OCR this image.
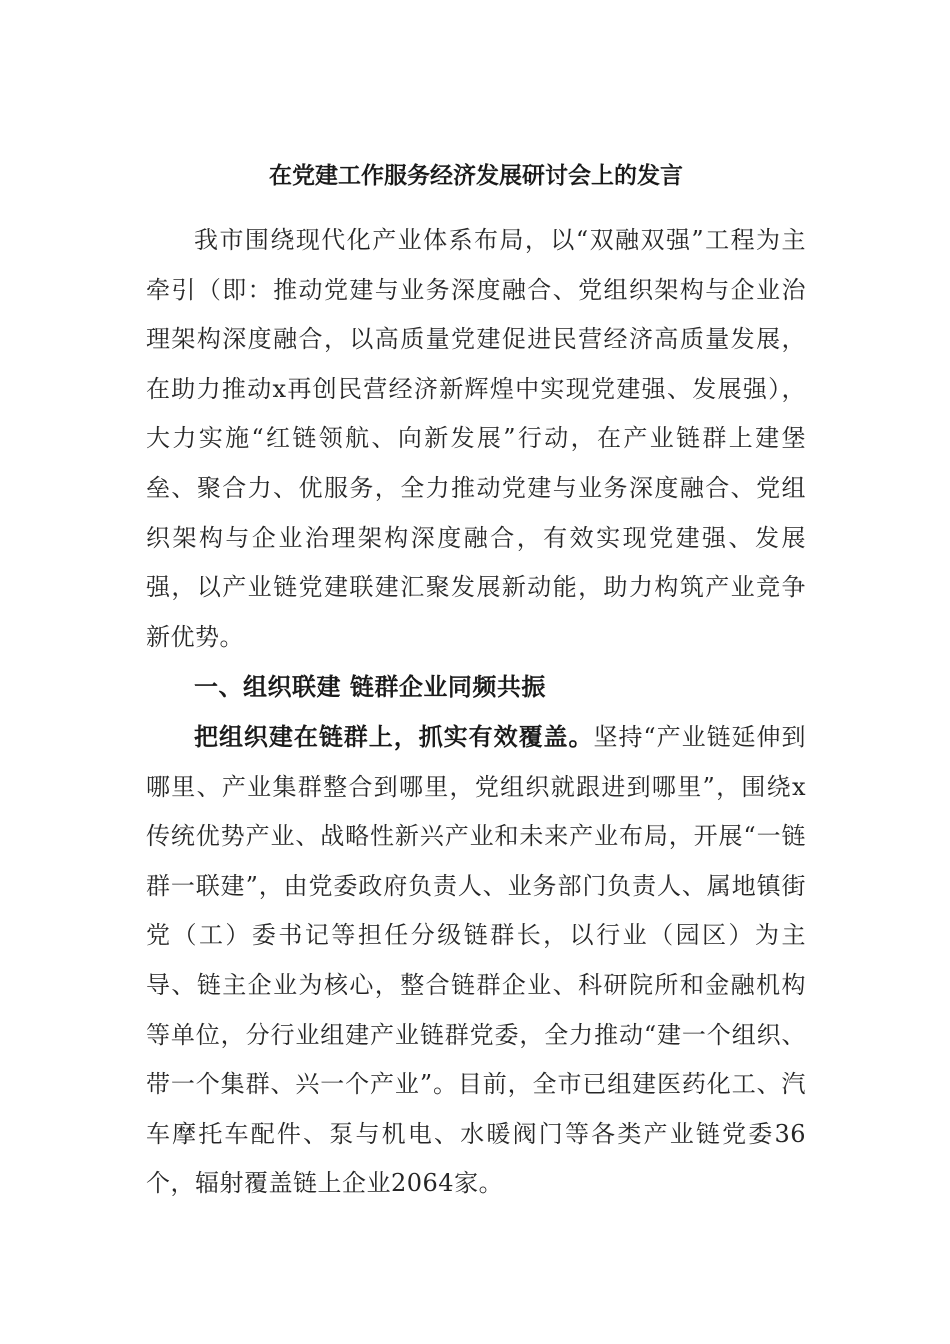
在党建工作服务经济发展研讨会上的发言

我市围绕现代化产业体系布局，以“双融双强”工程为主牵引（即：推动党建与业务深度融合、党组织架构与企业治理架构深度融合，以高质量党建促进民营经济高质量发展，在助力推动x再创民营经济新辉煌中实现党建强、发展强），大力实施“红链领航、向新发展”行动，在产业链群上建堡垒、聚合力、优服务，全力推动党建与业务深度融合、党组织架构与企业治理架构深度融合，有效实现党建强、发展强，以产业链党建联建汇聚发展新动能，助力构筑产业竞争新优势。

一、组织联建 链群企业同频共振

把组织建在链群上，抓实有效覆盖。坚持“产业链延伸到哪里、产业集群整合到哪里，党组织就跟进到哪里”，围绕x传统优势产业、战略性新兴产业和未来产业布局，开展“一链群一联建”，由党委政府负责人、业务部门负责人、属地镇街党（工）委书记等担任分级链群长，以行业（园区）为主导、链主企业为核心，整合链群企业、科研院所和金融机构等单位，分行业组建产业链群党委，全力推动“建一个组织、带一个集群、兴一个产业”。目前，全市已组建医药化工、汽车摩托车配件、泵与机电、水暖阀门等各类产业链党委36个，辐射覆盖链上企业2064家。
